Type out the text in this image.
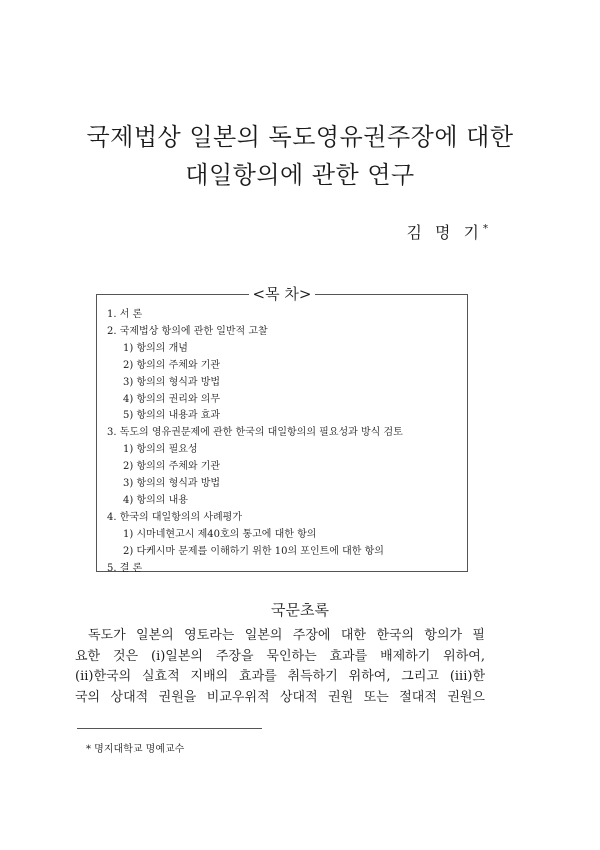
국제법상 일본의 독도영유권주장에 대한
대일항의에 관한 연구
김 명 기*
<목 차>
1. 서 론
2. 국제법상 항의에 관한 일반적 고찰
1) 항의의 개념
2) 항의의 주체와 기관
3) 항의의 형식과 방법
4) 항의의 권리와 의무
5) 항의의 내용과 효과
3. 독도의 영유권문제에 관한 한국의 대일항의의 필요성과 방식 검토
1) 항의의 필요성
2) 항의의 주체와 기관
3) 항의의 형식과 방법
4) 항의의 내용
4. 한국의 대일항의의 사례평가
1) 시마네현고시 제40호의 통고에 대한 항의
2) 다케시마 문제를 이해하기 위한 10의 포인트에 대한 항의
5. 결 론
국문초록
독도가 일본의 영토라는 일본의 주장에 대한 한국의 항의가 필
요한 것은 (i)일본의 주장을 묵인하는 효과를 배제하기 위하여,
(ii)한국의 실효적 지배의 효과를 취득하기 위하여, 그리고 (iii)한
국의 상대적 권원을 비교우위적 상대적 권원 또는 절대적 권원으
* 명지대학교 명예교수
